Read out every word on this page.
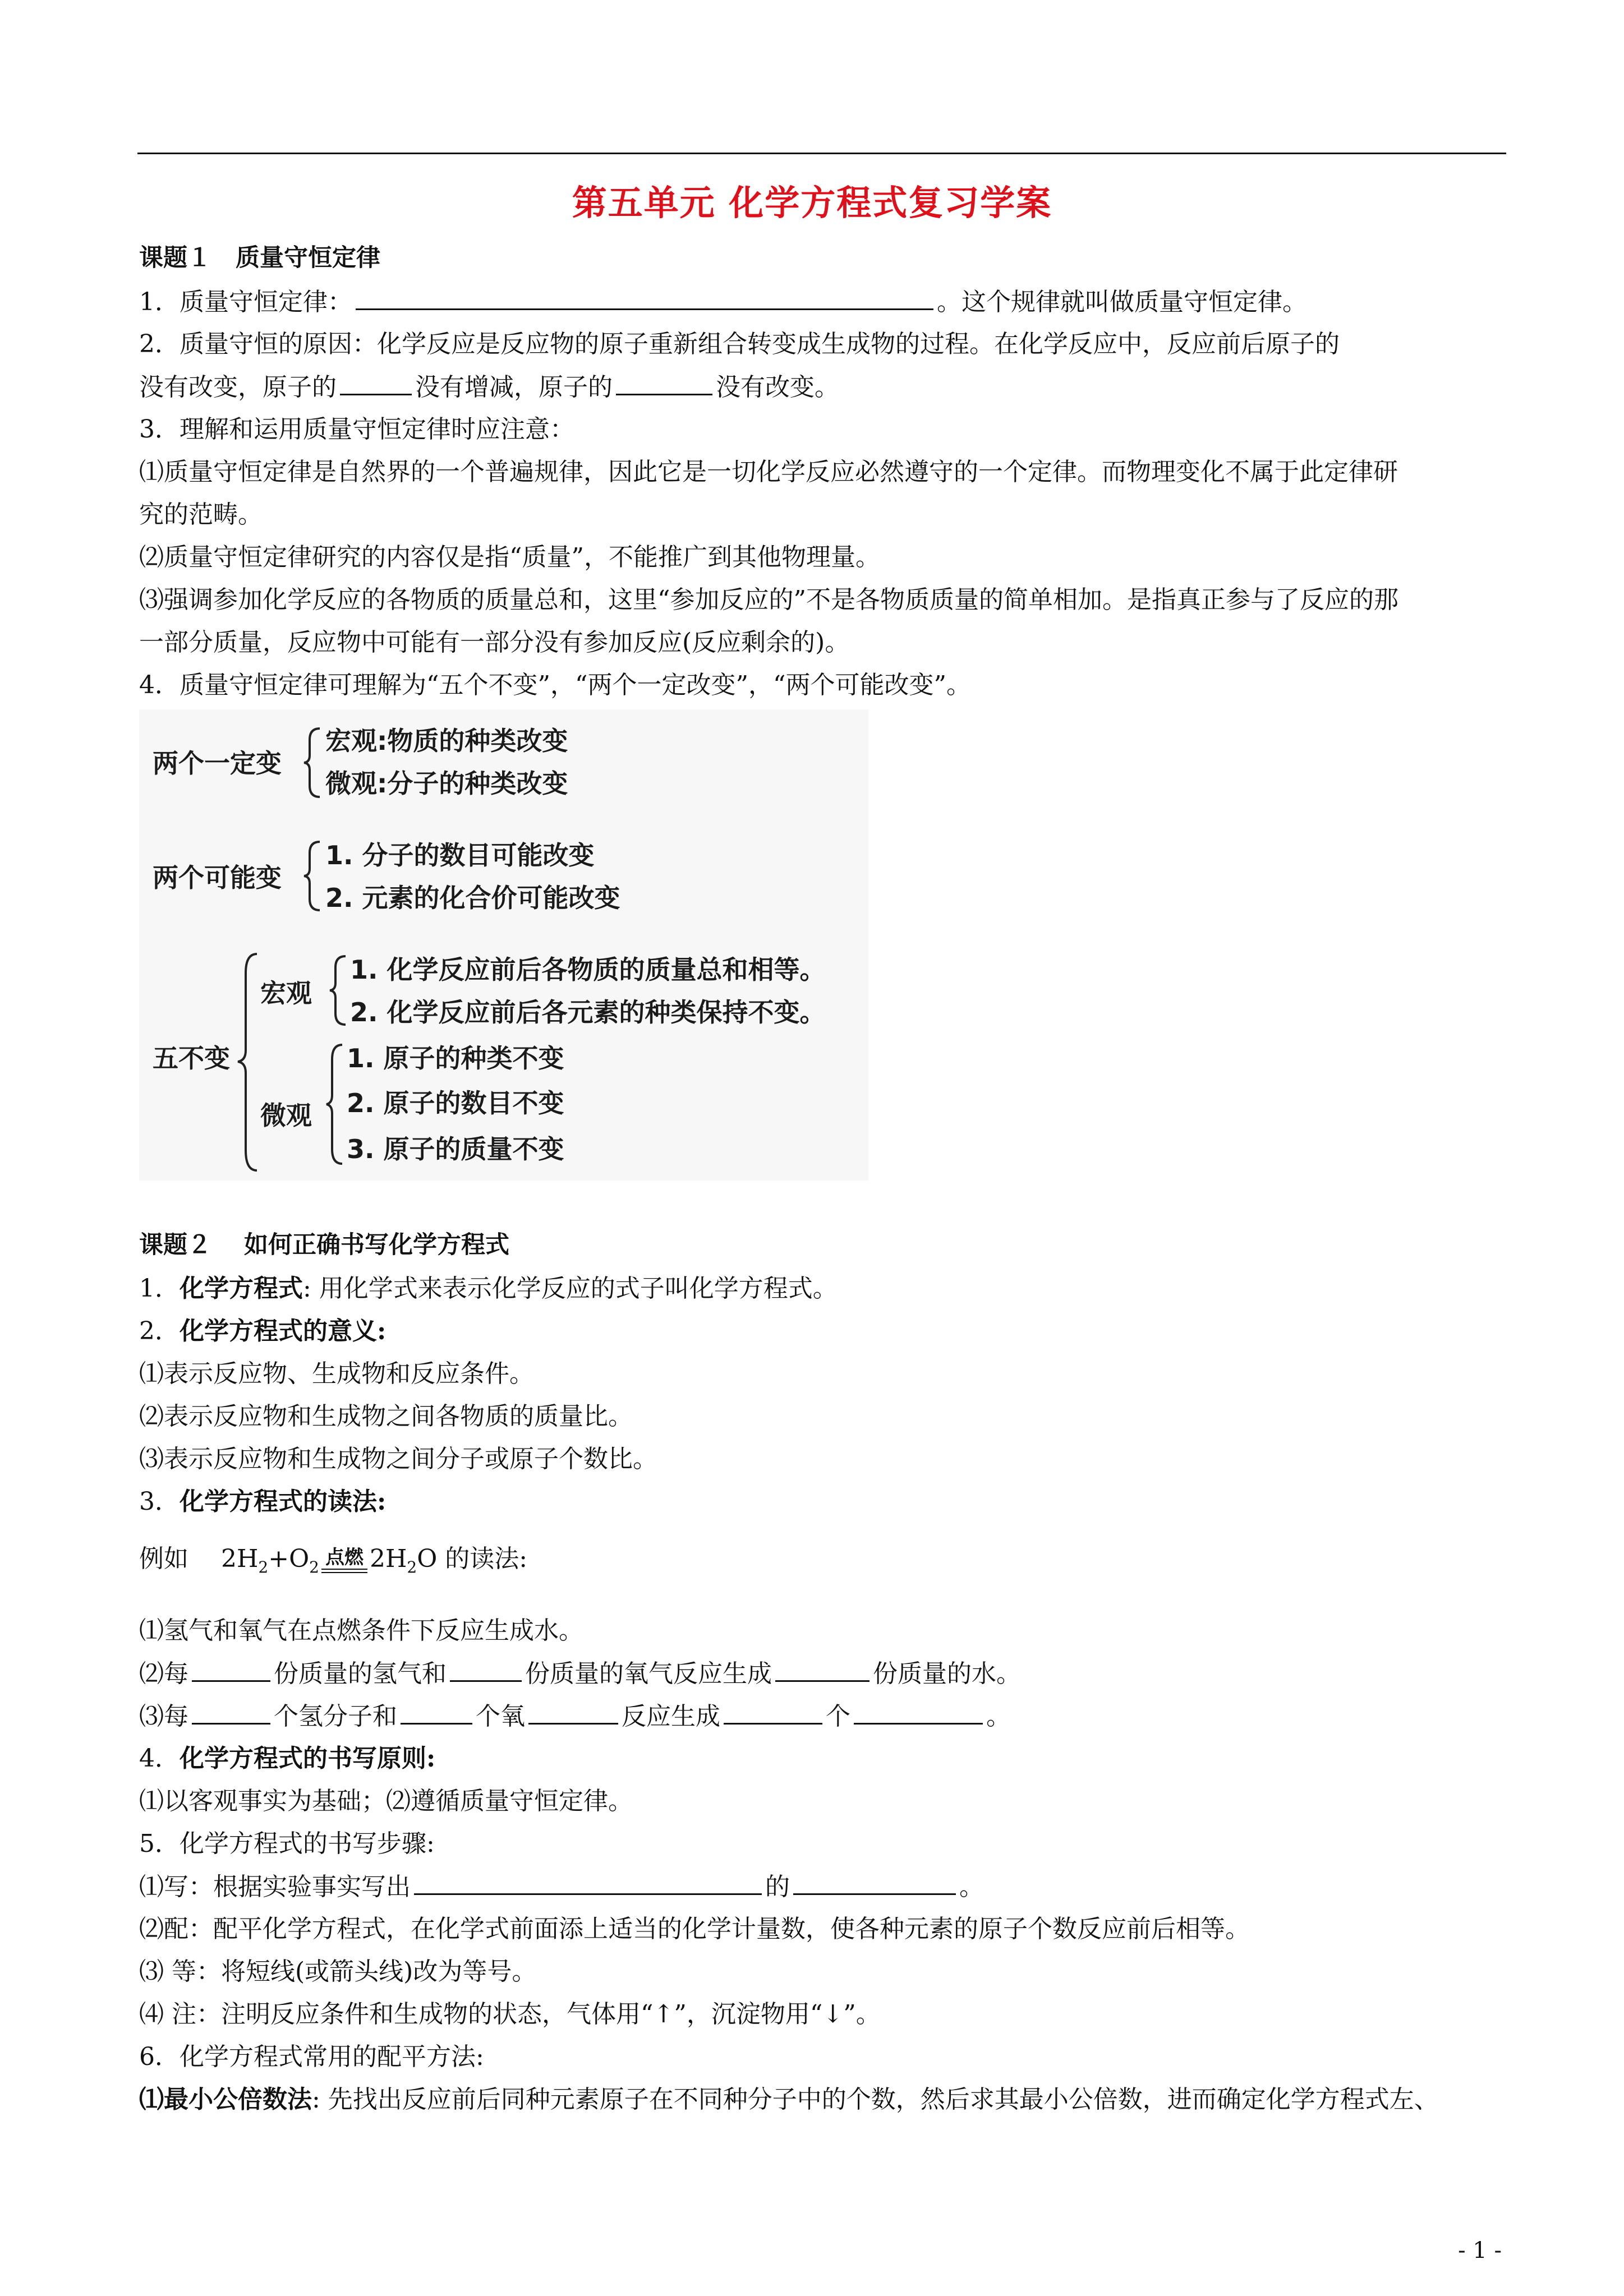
第五单元 化学方程式复习学案
课题１　质量守恒定律
1．质量守恒定律：	。这个规律就叫做质量守恒定律。
2．质量守恒的原因：化学反应是反应物的原子重新组合转变成生成物的过程。在化学反应中，反应前后原子的
没有改变，原子的	没有增减，原子的	没有改变。
3．理解和运用质量守恒定律时应注意：
⑴质量守恒定律是自然界的一个普遍规律，因此它是一切化学反应必然遵守的一个定律。而物理变化不属于此定律研
究的范畴。
⑵质量守恒定律研究的内容仅是指“质量”，不能推广到其他物理量。
⑶强调参加化学反应的各物质的质量总和，这里“参加反应的”不是各物质质量的简单相加。是指真正参与了反应的那
一部分质量，反应物中可能有一部分没有参加反应(反应剩余的)。
4．质量守恒定律可理解为“五个不变”，“两个一定改变”，“两个可能改变”。
两个一定变
宏观:物质的种类改变
微观:分子的种类改变
两个可能变
1. 分子的数目可能改变
2. 元素的化合价可能改变
五不变
宏观
1. 化学反应前后各物质的质量总和相等。
2. 化学反应前后各元素的种类保持不变。
微观
1. 原子的种类不变
2. 原子的数目不变
3. 原子的质量不变
课题２　 如何正确书写化学方程式
1．化学方程式: 用化学式来表示化学反应的式子叫化学方程式。
2．化学方程式的意义:
⑴表示反应物、生成物和反应条件。
⑵表示反应物和生成物之间各物质的质量比。
⑶表示反应物和生成物之间分子或原子个数比。
3．化学方程式的读法:
例如　 $2H_2+O_2$ 点燃 $2H_2O$ 的读法:
⑴氢气和氧气在点燃条件下反应生成水。
⑵每	份质量的氢气和	份质量的氧气反应生成	份质量的水。
⑶每	个氢分子和	个氧	反应生成	个	。
4．化学方程式的书写原则:
⑴以客观事实为基础；⑵遵循质量守恒定律。
5．化学方程式的书写步骤:
⑴写：根据实验事实写出	的	。
⑵配：配平化学方程式，在化学式前面添上适当的化学计量数，使各种元素的原子个数反应前后相等。
⑶ 等：将短线(或箭头线)改为等号。
⑷ 注：注明反应条件和生成物的状态，气体用“↑”，沉淀物用“↓”。
6．化学方程式常用的配平方法:
⑴最小公倍数法: 先找出反应前后同种元素原子在不同种分子中的个数，然后求其最小公倍数，进而确定化学方程式左、
- 1 -
